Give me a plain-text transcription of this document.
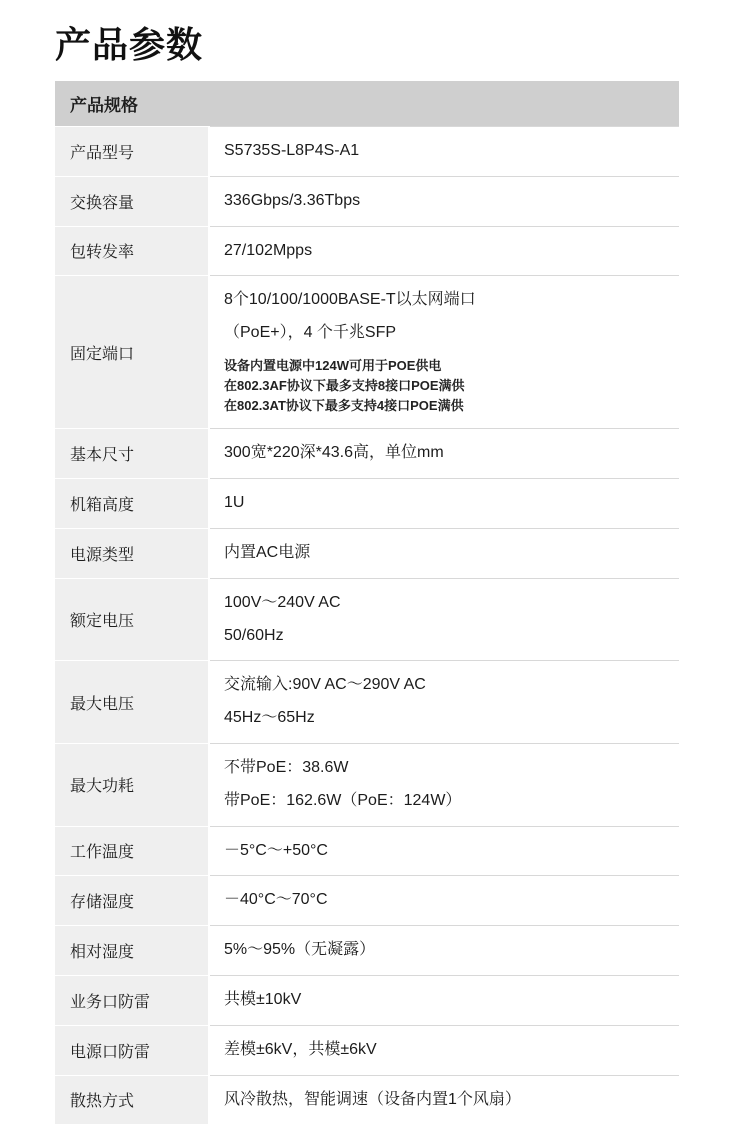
产品参数
产品规格	
产品型号	S5735S-L8P4S-A1

交换容量	336Gbps/3.36Tbps

包转发率	27/102Mpps

固定端口	8个10/100/1000BASE-T以太网端口
（PoE+），4 个千兆SFP
设备内置电源中124W可用于POE供电
在802.3AF协议下最多支持8接口POE满供
在802.3AT协议下最多支持4接口POE满供

基本尺寸	300宽*220深*43.6高，单位mm

机箱高度	1U

电源类型	内置AC电源

额定电压	100V～240V AC
50/60Hz

最大电压	交流输入:90V AC～290V AC
45Hz～65Hz

最大功耗	不带PoE：38.6W
带PoE：162.6W（PoE：124W）

工作温度	－5°C～+50°C

存储湿度	－40°C～70°C

相对湿度	5%～95%（无凝露）

业务口防雷	共模±10kV

电源口防雷	差模±6kV，共模±6kV

散热方式	风冷散热，智能调速（设备内置1个风扇）
